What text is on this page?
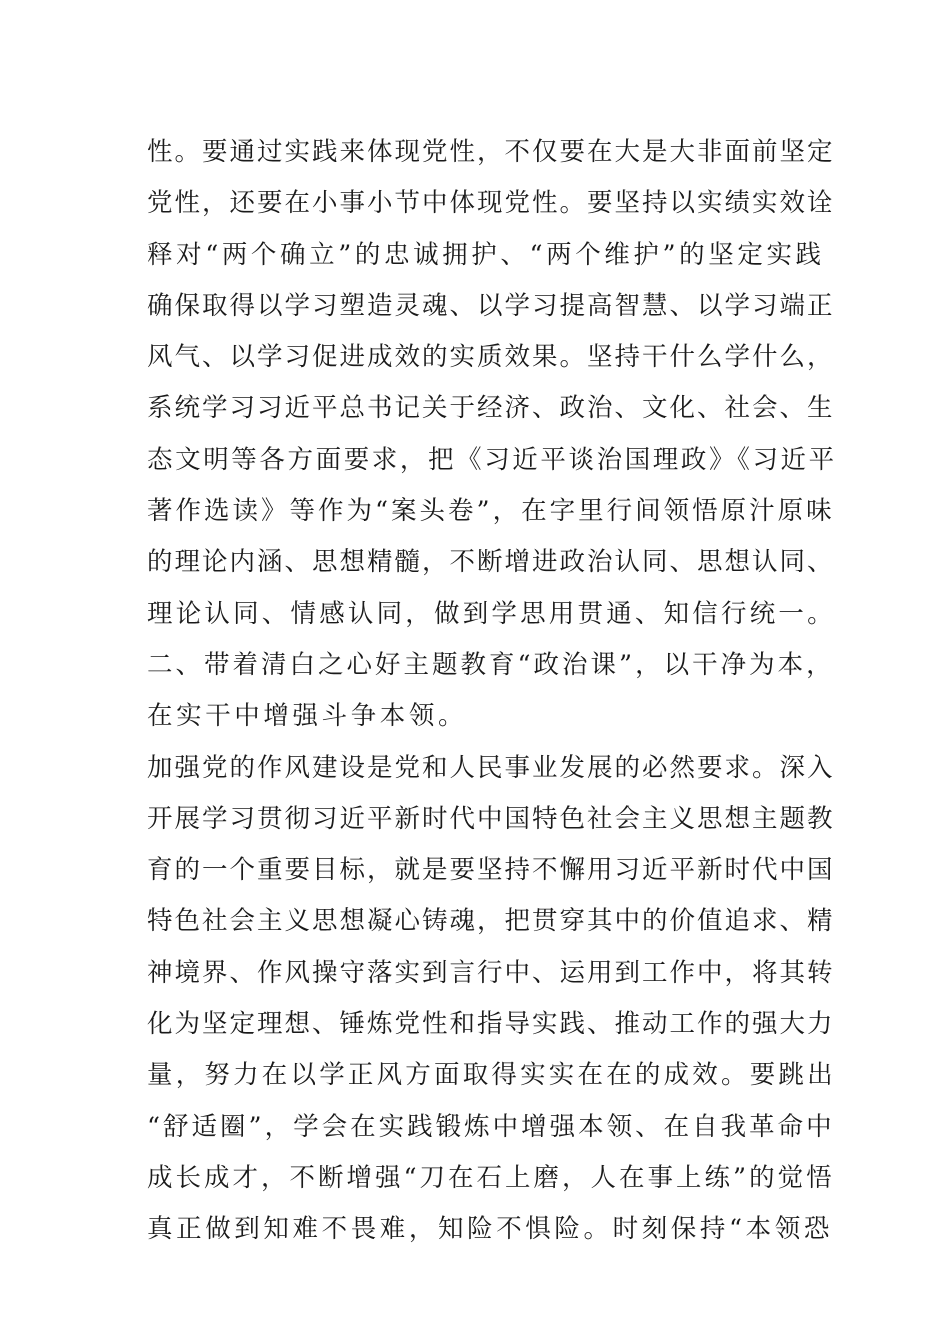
性。要通过实践来体现党性，不仅要在大是大非面前坚定
党性，还要在小事小节中体现党性。要坚持以实绩实效诠
释对“两个确立”的忠诚拥护、“两个维护”的坚定实践
确保取得以学习塑造灵魂、以学习提高智慧、以学习端正
风气、以学习促进成效的实质效果。坚持干什么学什么，
系统学习习近平总书记关于经济、政治、文化、社会、生
态文明等各方面要求，把《习近平谈治国理政》《习近平
著作选读》等作为“案头卷”，在字里行间领悟原汁原味
的理论内涵、思想精髓，不断增进政治认同、思想认同、
理论认同、情感认同，做到学思用贯通、知信行统一。
二、带着清白之心好主题教育“政治课”，以干净为本，
在实干中增强斗争本领。
加强党的作风建设是党和人民事业发展的必然要求。深入
开展学习贯彻习近平新时代中国特色社会主义思想主题教
育的一个重要目标，就是要坚持不懈用习近平新时代中国
特色社会主义思想凝心铸魂，把贯穿其中的价值追求、精
神境界、作风操守落实到言行中、运用到工作中，将其转
化为坚定理想、锤炼党性和指导实践、推动工作的强大力
量，努力在以学正风方面取得实实在在的成效。要跳出
“舒适圈”，学会在实践锻炼中增强本领、在自我革命中
成长成才，不断增强“刀在石上磨，人在事上练”的觉悟
真正做到知难不畏难，知险不惧险。时刻保持“本领恐
